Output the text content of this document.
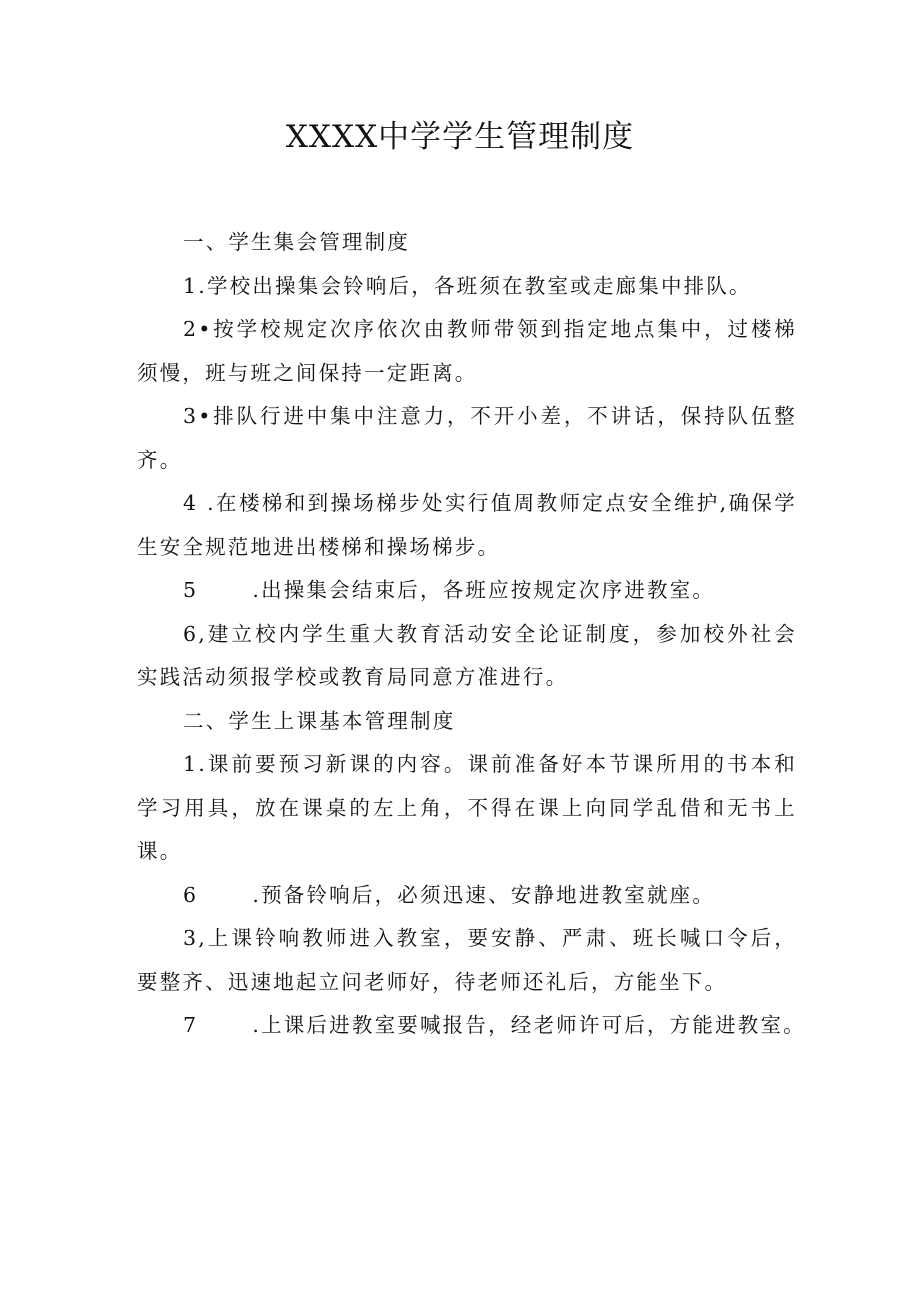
XXXX中学学生管理制度

一、学生集会管理制度

1.学校出操集会铃响后，各班须在教室或走廊集中排队。

2•按学校规定次序依次由教师带领到指定地点集中，过楼梯须慢，班与班之间保持一定距离。

3•排队行进中集中注意力，不开小差，不讲话，保持队伍整齐。

4 .在楼梯和到操场梯步处实行值周教师定点安全维护,确保学生安全规范地进出楼梯和操场梯步。

5 　　.出操集会结束后，各班应按规定次序进教室。

6,建立校内学生重大教育活动安全论证制度，参加校外社会实践活动须报学校或教育局同意方准进行。

二、学生上课基本管理制度

1.课前要预习新课的内容。课前准备好本节课所用的书本和学习用具，放在课桌的左上角，不得在课上向同学乱借和无书上课。

6 　　.预备铃响后，必须迅速、安静地进教室就座。

3,上课铃响教师进入教室，要安静、严肃、班长喊口令后，要整齐、迅速地起立问老师好，待老师还礼后，方能坐下。

7 　　.上课后进教室要喊报告，经老师许可后，方能进教室。
